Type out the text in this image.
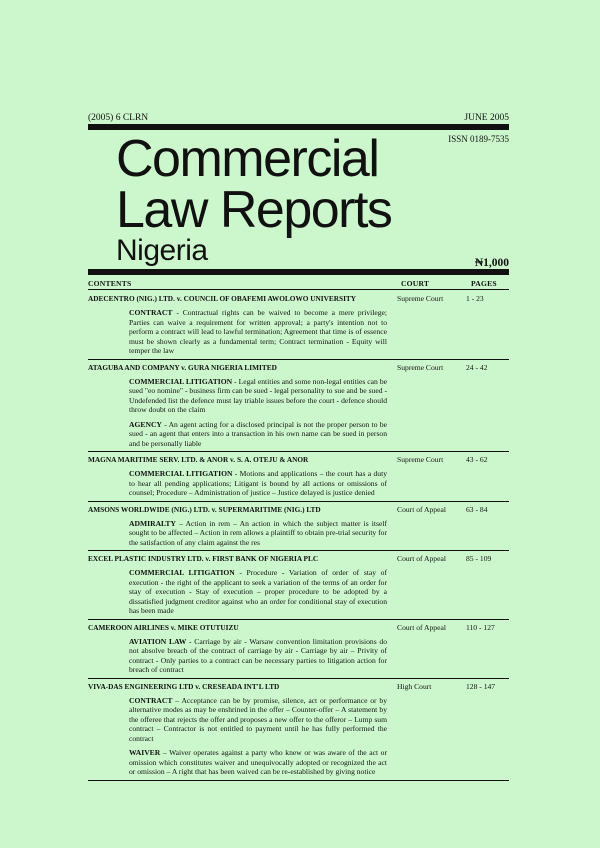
(2005) 6 CLRN	JUNE 2005
ISSN 0189-7535
Commercial
Law Reports
Nigeria	₦1,000
CONTENTS	COURT	PAGES
ADECENTRO (NIG.) LTD. v. COUNCIL OF OBAFEMI AWOLOWO UNIVERSITY	Supreme Court	1 - 23
CONTRACT - Contractual rights can be waived to become a mere privilege; Parties can waive a requirement for written approval; a party's intention not to perform a contract will lead to lawful termination; Agreement that time is of essence must be shown clearly as a fundamental term; Contract termination - Equity will temper the law
ATAGUBA AND COMPANY v. GURA NIGERIA LIMITED	Supreme Court	24 - 42
COMMERCIAL LITIGATION - Legal entities and some non-legal entities can be sued "eo nomine" - business firm can be sued - legal personality to sue and be sued - Undefended list the defence must lay triable issues before the court - defence should throw doubt on the claim
AGENCY - An agent acting for a disclosed principal is not the proper person to be sued - an agent that enters into a transaction in his own name can be sued in person and be personally liable
MAGNA MARITIME SERV. LTD. & ANOR v. S. A. OTEJU & ANOR	Supreme Court	43 - 62
COMMERCIAL LITIGATION - Motions and applications – the court has a duty to hear all pending applications; Litigant is bound by all actions or omissions of counsel; Procedure – Administration of justice – Justice delayed is justice denied
AMSONS WORLDWIDE (NIG.) LTD. v. SUPERMARITIME (NIG.) LTD	Court of Appeal	63 - 84
ADMIRALTY – Action in rem – An action in which the subject matter is itself sought to be affected – Action in rem allows a plaintiff to obtain pre-trial security for the satisfaction of any claim against the res
EXCEL PLASTIC INDUSTRY LTD. v. FIRST BANK OF NIGERIA PLC	Court of Appeal	85 - 109
COMMERCIAL LITIGATION - Procedure - Variation of order of stay of execution - the right of the applicant to seek a variation of the terms of an order for stay of execution - Stay of execution – proper procedure to be adopted by a dissatisfied judgment creditor against who an order for conditional stay of execution has been made
CAMEROON AIRLINES v. MIKE OTUTUIZU	Court of Appeal	110 - 127
AVIATION LAW - Carriage by air - Warsaw convention limitation provisions do not absolve breach of the contract of carriage by air - Carriage by air – Privity of contract - Only parties to a contract can be necessary parties to litigation action for breach of contract
VIVA-DAS ENGINEERING LTD v. CRESEADA INT'L LTD	High Court	128 - 147
CONTRACT – Acceptance can be by promise, silence, act or performance or by alternative modes as may be enshrined in the offer – Counter-offer – A statement by the offeree that rejects the offer and proposes a new offer to the offeror – Lump sum contract – Contractor is not entitled to payment until he has fully performed the contract
WAIVER – Waiver operates against a party who knew or was aware of the act or omission which constitutes waiver and unequivocally adopted or recognized the act or omission – A right that has been waived can be re-established by giving notice
